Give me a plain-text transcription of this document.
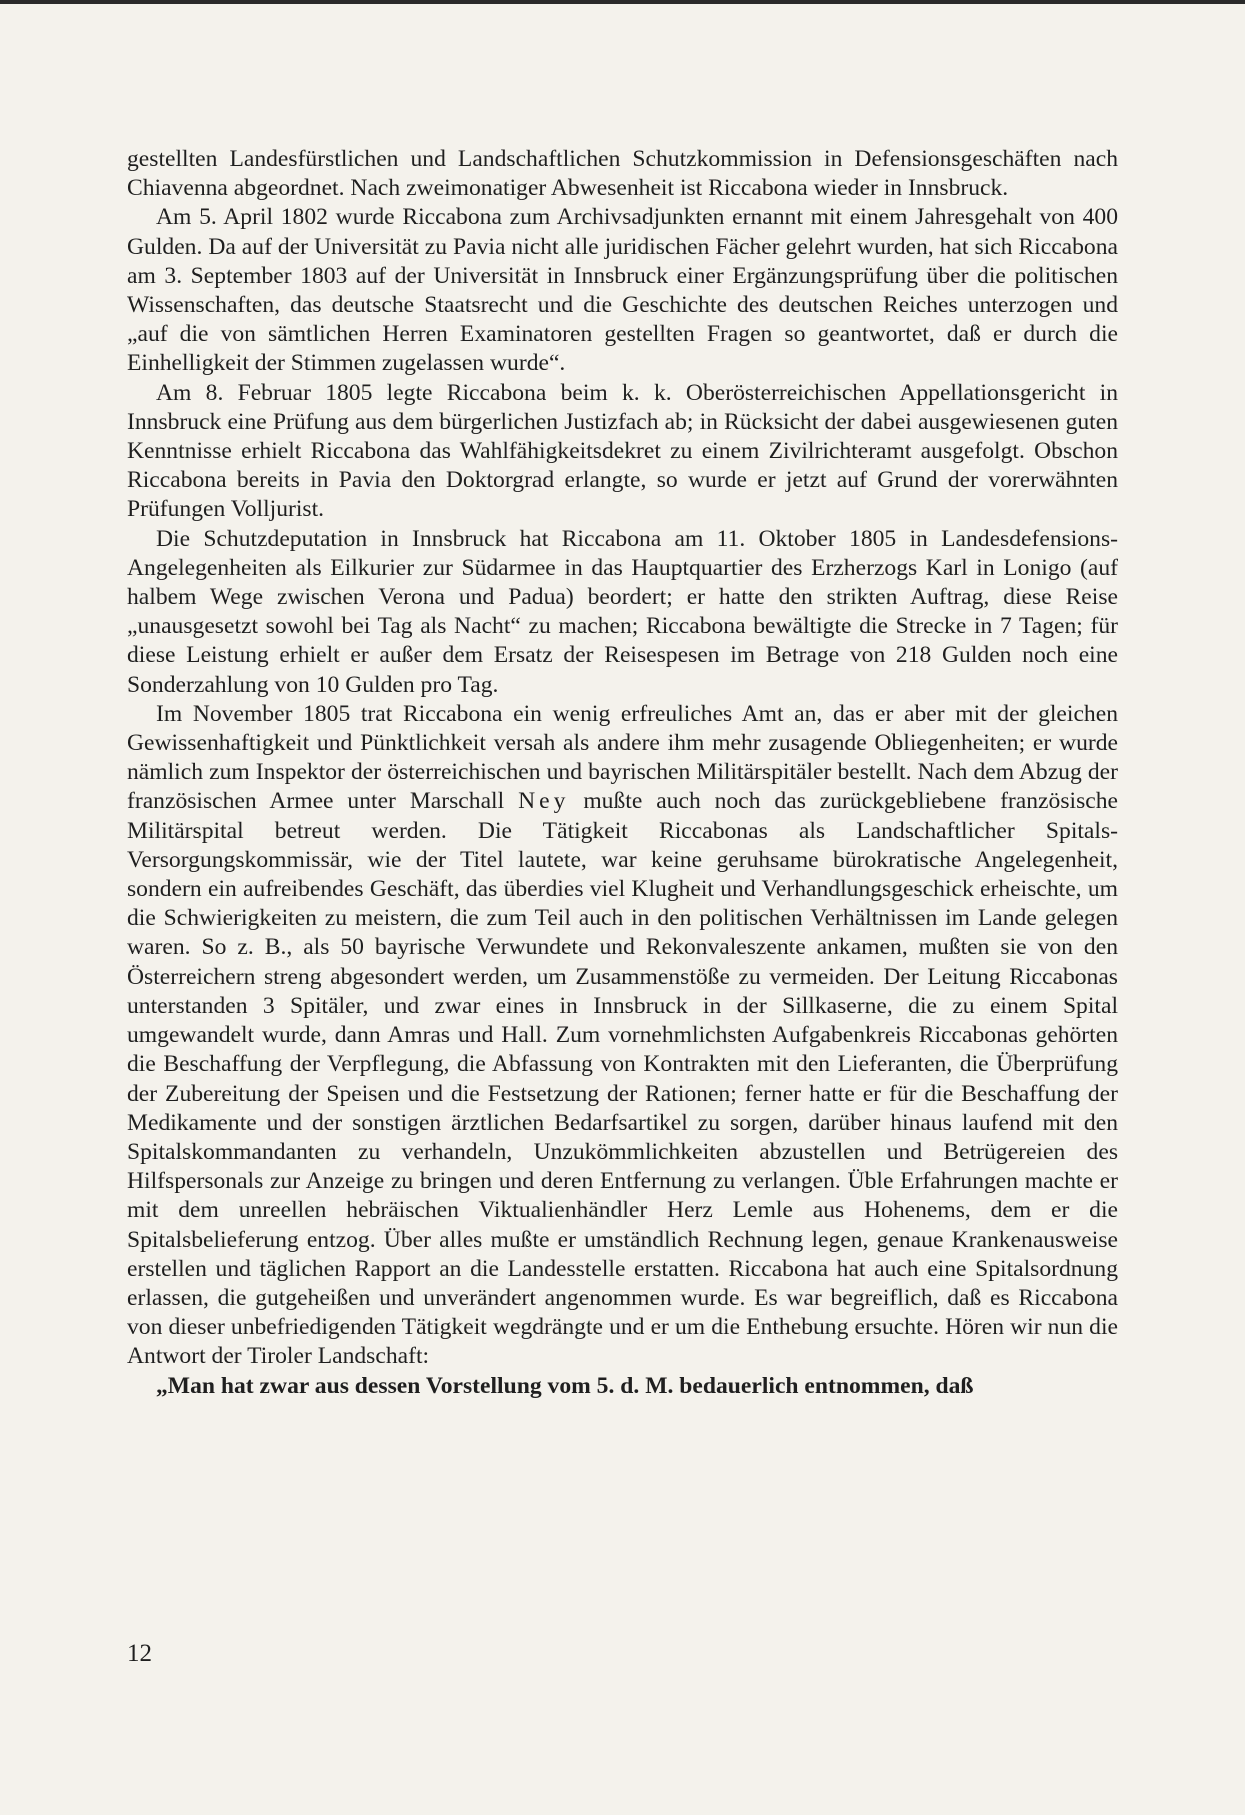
gestellten Landesfürstlichen und Landschaftlichen Schutzkommission in Defensionsgeschäften nach Chiavenna abgeordnet. Nach zweimonatiger Abwesenheit ist Riccabona wieder in Innsbruck.

Am 5. April 1802 wurde Riccabona zum Archivsadjunkten ernannt mit einem Jahresgehalt von 400 Gulden. Da auf der Universität zu Pavia nicht alle juridischen Fächer gelehrt wurden, hat sich Riccabona am 3. September 1803 auf der Universität in Innsbruck einer Ergänzungsprüfung über die politischen Wissenschaften, das deutsche Staatsrecht und die Geschichte des deutschen Reiches unterzogen und „auf die von sämtlichen Herren Examinatoren gestellten Fragen so geantwortet, daß er durch die Einhelligkeit der Stimmen zugelassen wurde“.

Am 8. Februar 1805 legte Riccabona beim k. k. Oberösterreichischen Appellationsgericht in Innsbruck eine Prüfung aus dem bürgerlichen Justizfach ab; in Rücksicht der dabei ausgewiesenen guten Kenntnisse erhielt Riccabona das Wahlfähigkeitsdekret zu einem Zivilrichteramt ausgefolgt. Obschon Riccabona bereits in Pavia den Doktorgrad erlangte, so wurde er jetzt auf Grund der vorerwähnten Prüfungen Volljurist.

Die Schutzdeputation in Innsbruck hat Riccabona am 11. Oktober 1805 in Landesdefensions-Angelegenheiten als Eilkurier zur Südarmee in das Hauptquartier des Erzherzogs Karl in Lonigo (auf halbem Wege zwischen Verona und Padua) beordert; er hatte den strikten Auftrag, diese Reise „unausgesetzt sowohl bei Tag als Nacht“ zu machen; Riccabona bewältigte die Strecke in 7 Tagen; für diese Leistung erhielt er außer dem Ersatz der Reisespesen im Betrage von 218 Gulden noch eine Sonderzahlung von 10 Gulden pro Tag.

Im November 1805 trat Riccabona ein wenig erfreuliches Amt an, das er aber mit der gleichen Gewissenhaftigkeit und Pünktlichkeit versah als andere ihm mehr zusagende Obliegenheiten; er wurde nämlich zum Inspektor der österreichischen und bayrischen Militärspitäler bestellt. Nach dem Abzug der französischen Armee unter Marschall Ney mußte auch noch das zurückgebliebene französische Militärspital betreut werden. Die Tätigkeit Riccabonas als Landschaftlicher Spitals-Versorgungskommissär, wie der Titel lautete, war keine geruhsame bürokratische Angelegenheit, sondern ein aufreibendes Geschäft, das überdies viel Klugheit und Verhandlungsgeschick erheischte, um die Schwierigkeiten zu meistern, die zum Teil auch in den politischen Verhältnissen im Lande gelegen waren. So z. B., als 50 bayrische Verwundete und Rekonvaleszente ankamen, mußten sie von den Österreichern streng abgesondert werden, um Zusammenstöße zu vermeiden. Der Leitung Riccabonas unterstanden 3 Spitäler, und zwar eines in Innsbruck in der Sillkaserne, die zu einem Spital umgewandelt wurde, dann Amras und Hall. Zum vornehmlichsten Aufgabenkreis Riccabonas gehörten die Beschaffung der Verpflegung, die Abfassung von Kontrakten mit den Lieferanten, die Überprüfung der Zubereitung der Speisen und die Festsetzung der Rationen; ferner hatte er für die Beschaffung der Medikamente und der sonstigen ärztlichen Bedarfsartikel zu sorgen, darüber hinaus laufend mit den Spitalskommandanten zu verhandeln, Unzukömmlichkeiten abzustellen und Betrügereien des Hilfspersonals zur Anzeige zu bringen und deren Entfernung zu verlangen. Üble Erfahrungen machte er mit dem unreellen hebräischen Viktualienhändler Herz Lemle aus Hohenems, dem er die Spitalsbelieferung entzog. Über alles mußte er umständlich Rechnung legen, genaue Krankenausweise erstellen und täglichen Rapport an die Landesstelle erstatten. Riccabona hat auch eine Spitalsordnung erlassen, die gutgeheißen und unverändert angenommen wurde. Es war begreiflich, daß es Riccabona von dieser unbefriedigenden Tätigkeit wegdrängte und er um die Enthebung ersuchte. Hören wir nun die Antwort der Tiroler Landschaft:

„Man hat zwar aus dessen Vorstellung vom 5. d. M. bedauerlich entnommen, daß

12
